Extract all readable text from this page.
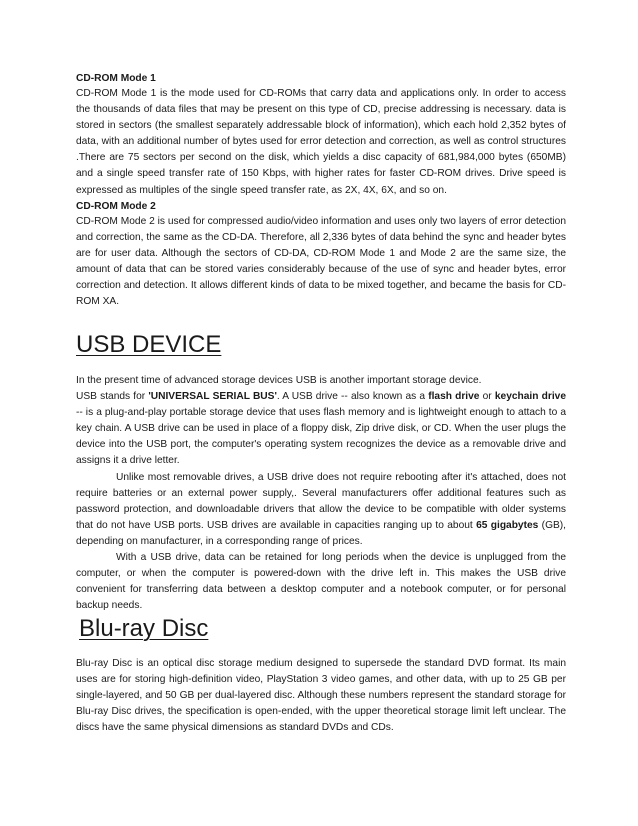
CD-ROM Mode 1
CD-ROM Mode 1 is the mode used for CD-ROMs that carry data and applications only. In order to access the thousands of data files that may be present on this type of CD, precise addressing is necessary. data is stored in sectors (the smallest separately addressable block of information), which each hold 2,352 bytes of data, with an additional number of bytes used for error detection and correction, as well as control structures .There are 75 sectors per second on the disk, which yields a disc capacity of 681,984,000 bytes (650MB) and a single speed transfer rate of 150 Kbps, with higher rates for faster CD-ROM drives. Drive speed is expressed as multiples of the single speed transfer rate, as 2X, 4X, 6X, and so on.
CD-ROM Mode 2
CD-ROM Mode 2 is used for compressed audio/video information and uses only two layers of error detection and correction, the same as the CD-DA. Therefore, all 2,336 bytes of data behind the sync and header bytes are for user data. Although the sectors of CD-DA, CD-ROM Mode 1 and Mode 2 are the same size, the amount of data that can be stored varies considerably because of the use of sync and header bytes, error correction and detection. It allows different kinds of data to be mixed together, and became the basis for CD-ROM XA.
USB DEVICE

In the present time of advanced storage devices USB is another important storage device.

USB stands for 'UNIVERSAL SERIAL BUS'. A USB drive -- also known as a flash drive or keychain drive -- is a plug-and-play portable storage device that uses flash memory and is lightweight enough to attach to a key chain. A USB drive can be used in place of a floppy disk, Zip drive disk, or CD. When the user plugs the device into the USB port, the computer's operating system recognizes the device as a removable drive and assigns it a drive letter.

Unlike most removable drives, a USB drive does not require rebooting after it's attached, does not require batteries or an external power supply,. Several manufacturers offer additional features such as password protection, and downloadable drivers that allow the device to be compatible with older systems that do not have USB ports. USB drives are available in capacities ranging up to about 65 gigabytes (GB), depending on manufacturer, in a corresponding range of prices.

With a USB drive, data can be retained for long periods when the device is unplugged from the computer, or when the computer is powered-down with the drive left in. This makes the USB drive convenient for transferring data between a desktop computer and a notebook computer, or for personal backup needs.

Blu-ray Disc
Blu-ray Disc is an optical disc storage medium designed to supersede the standard DVD format. Its main uses are for storing high-definition video, PlayStation 3 video games, and other data, with up to 25 GB per single-layered, and 50 GB per dual-layered disc. Although these numbers represent the standard storage for Blu-ray Disc drives, the specification is open-ended, with the upper theoretical storage limit left unclear. The discs have the same physical dimensions as standard DVDs and CDs.
